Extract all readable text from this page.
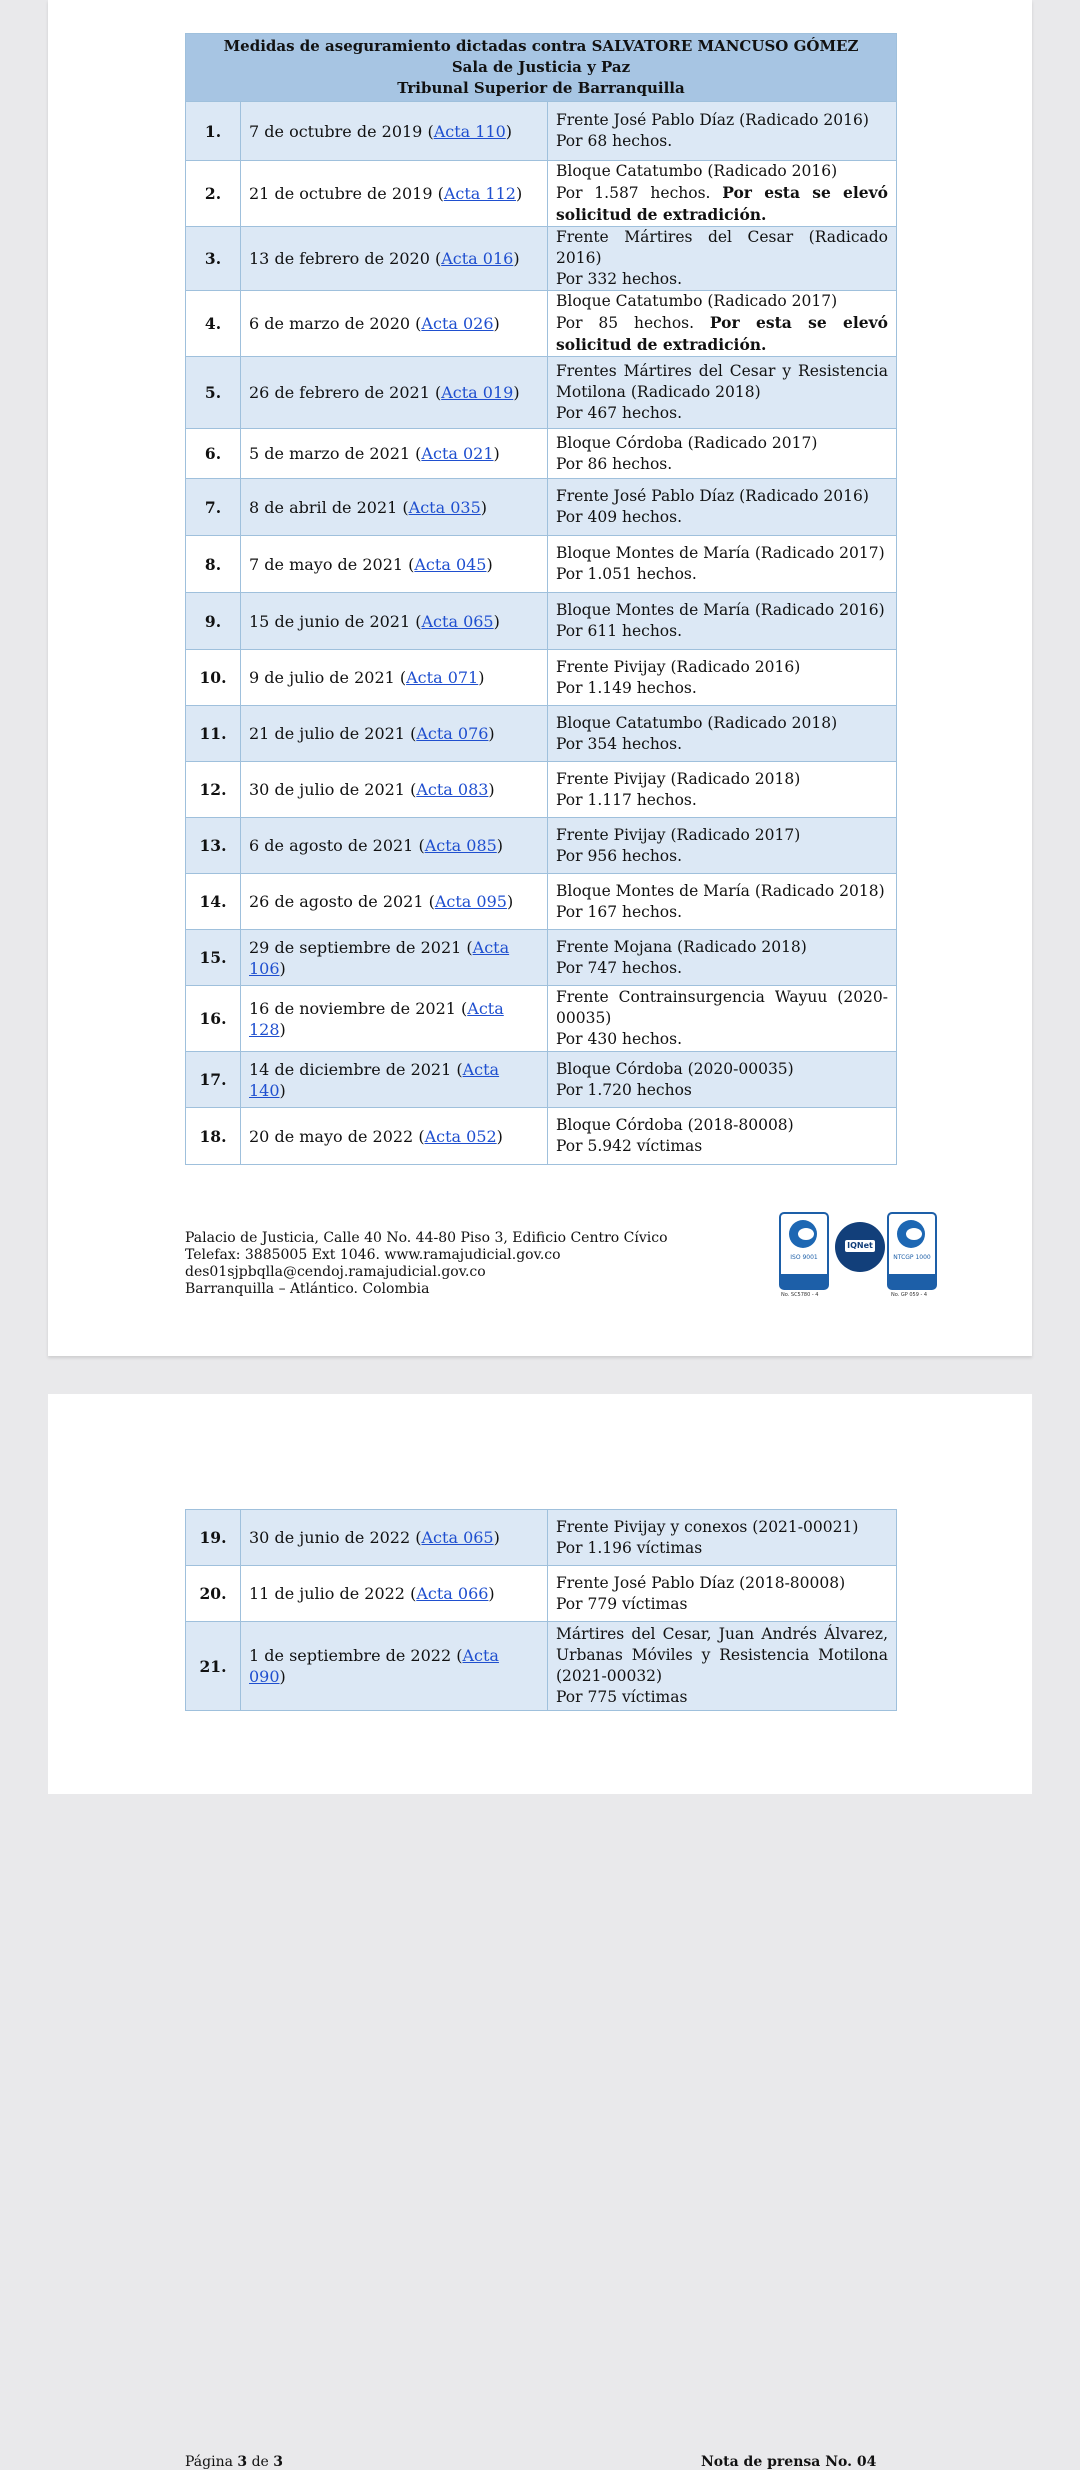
Medidas de aseguramiento dictadas contra SALVATORE MANCUSO GÓMEZ
Sala de Justicia y Paz
Tribunal Superior de Barranquilla		

1.	7 de octubre de 2019 (Acta 110)	Frente José Pablo Díaz (Radicado 2016)
Por 68 hechos.

2.	21 de octubre de 2019 (Acta 112)	Bloque Catatumbo (Radicado 2016)
Por 1.587 hechos. Por esta se elevó solicitud de extradición.

3.	13 de febrero de 2020 (Acta 016)	Frente Mártires del Cesar (Radicado 2016)
Por 332 hechos.

4.	6 de marzo de 2020 (Acta 026)	Bloque Catatumbo (Radicado 2017)
Por 85 hechos. Por esta se elevó solicitud de extradición.

5.	26 de febrero de 2021 (Acta 019)	Frentes Mártires del Cesar y Resistencia Motilona (Radicado 2018)
Por 467 hechos.

6.	5 de marzo de 2021 (Acta 021)	Bloque Córdoba (Radicado 2017)
Por 86 hechos.

7.	8 de abril de 2021 (Acta 035)	Frente José Pablo Díaz (Radicado 2016)
Por 409 hechos.

8.	7 de mayo de 2021 (Acta 045)	Bloque Montes de María (Radicado 2017)
Por 1.051 hechos.

9.	15 de junio de 2021 (Acta 065)	Bloque Montes de María (Radicado 2016)
Por 611 hechos.

10.	9 de julio de 2021 (Acta 071)	Frente Pivijay (Radicado 2016)
Por 1.149 hechos.

11.	21 de julio de 2021 (Acta 076)	Bloque Catatumbo (Radicado 2018)
Por 354 hechos.

12.	30 de julio de 2021 (Acta 083)	Frente Pivijay (Radicado 2018)
Por 1.117 hechos.

13.	6 de agosto de 2021 (Acta 085)	Frente Pivijay (Radicado 2017)
Por 956 hechos.

14.	26 de agosto de 2021 (Acta 095)	Bloque Montes de María (Radicado 2018)
Por 167 hechos.

15.	29 de septiembre de 2021 (Acta 106)	Frente Mojana (Radicado 2018)
Por 747 hechos.

16.	16 de noviembre de 2021 (Acta 128)	Frente Contrainsurgencia Wayuu (2020-00035)
Por 430 hechos.

17.	14 de diciembre de 2021 (Acta 140)	Bloque Córdoba (2020-00035)
Por 1.720 hechos

18.	20 de mayo de 2022 (Acta 052)	Bloque Córdoba (2018-80008)
Por 5.942 víctimas
Palacio de Justicia, Calle 40 No. 44-80 Piso 3, Edificio Centro Cívico
Telefax: 3885005 Ext 1046. www.ramajudicial.gov.co
des01sjpbqlla@cendoj.ramajudicial.gov.co
Barranquilla – Atlántico. Colombia
ISO 9001
IQNet
NTCGP 1000
No. SC5780 - 4	No. GP 059 - 4
Página 3 de 3	Nota de prensa No. 04
19.	30 de junio de 2022 (Acta 065)	Frente Pivijay y conexos (2021-00021)
Por 1.196 víctimas

20.	11 de julio de 2022 (Acta 066)	Frente José Pablo Díaz (2018-80008)
Por 779 víctimas

21.	1 de septiembre de 2022 (Acta 090)	Mártires del Cesar, Juan Andrés Álvarez, Urbanas Móviles y Resistencia Motilona (2021-00032)
Por 775 víctimas
